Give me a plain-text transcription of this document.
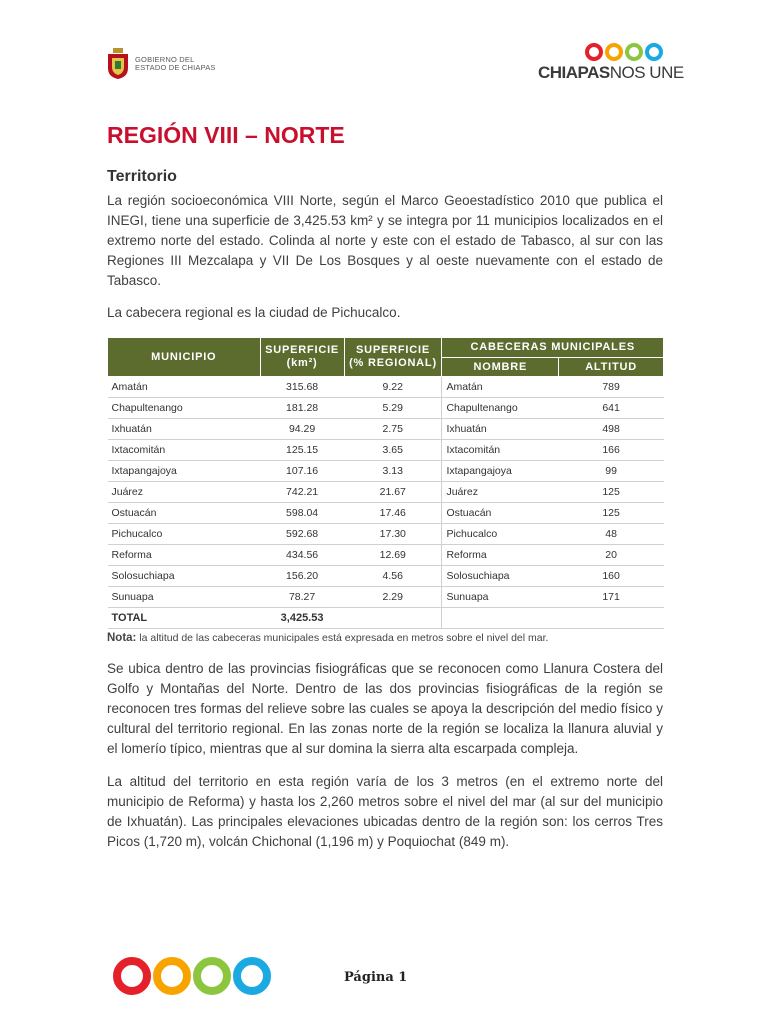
GOBIERNO DEL
ESTADO DE CHIAPAS	CHIAPASNOS UNE
REGIÓN VIII – NORTE
Territorio

La región socioeconómica VIII Norte, según el Marco Geoestadístico 2010 que publica el INEGI, tiene una superficie de 3,425.53 km² y se integra por 11 municipios localizados en el extremo norte del estado. Colinda al norte y este con el estado de Tabasco, al sur con las Regiones III Mezcalapa y VII De Los Bosques y al oeste nuevamente con el estado de Tabasco.

La cabecera regional es la ciudad de Pichucalco.

MUNICIPIO	SUPERFICIE (km²)	SUPERFICIE (% REGIONAL)	CABECERAS MUNICIPALES	
			NOMBRE	ALTITUD
Amatán	315.68	9.22	Amatán	789
Chapultenango	181.28	5.29	Chapultenango	641
Ixhuatán	94.29	2.75	Ixhuatán	498
Ixtacomitán	125.15	3.65	Ixtacomitán	166
Ixtapangajoya	107.16	3.13	Ixtapangajoya	99
Juárez	742.21	21.67	Juárez	125
Ostuacán	598.04	17.46	Ostuacán	125
Pichucalco	592.68	17.30	Pichucalco	48
Reforma	434.56	12.69	Reforma	20
Solosuchiapa	156.20	4.56	Solosuchiapa	160
Sunuapa	78.27	2.29	Sunuapa	171
TOTAL	3,425.53			

Nota: la altitud de las cabeceras municipales está expresada en metros sobre el nivel del mar.

Se ubica dentro de las provincias fisiográficas que se reconocen como Llanura Costera del Golfo y Montañas del Norte. Dentro de las dos provincias fisiográficas de la región se reconocen tres formas del relieve sobre las cuales se apoya la descripción del medio físico y cultural del territorio regional. En las zonas norte de la región se localiza la llanura aluvial y el lomerío típico, mientras que al sur domina la sierra alta escarpada compleja.

La altitud del territorio en esta región varía de los 3 metros (en el extremo norte del municipio de Reforma) y hasta los 2,260 metros sobre el nivel del mar (al sur del municipio de Ixhuatán). Las principales elevaciones ubicadas dentro de la región son: los cerros Tres Picos (1,720 m), volcán Chichonal (1,196 m) y Poquiochat (849 m).

Página 1
